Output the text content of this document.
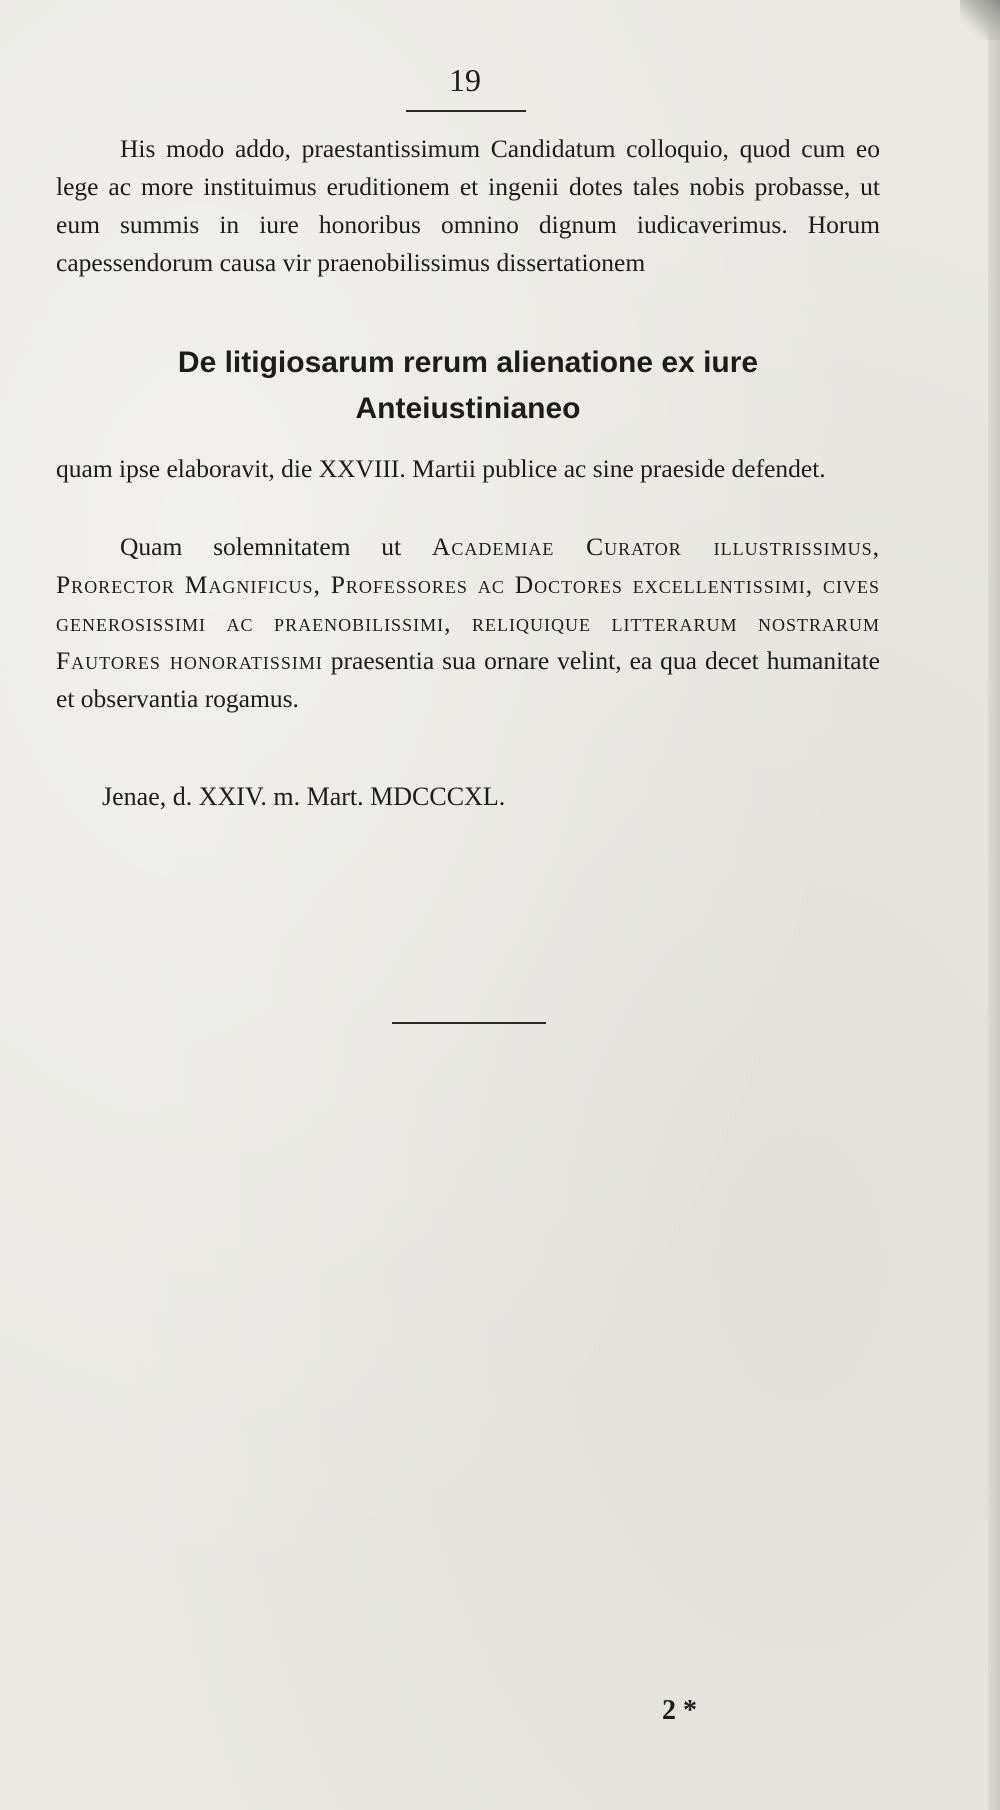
19

His modo addo, praestantissimum Candidatum colloquio, quod cum eo lege ac more instituimus eruditionem et ingenii dotes tales nobis probasse, ut eum summis in iure honoribus omnino dignum iudicaverimus. Horum capessendorum causa vir praenobilissimus dissertationem

De litigiosarum rerum alienatione ex iure
Anteiustinianeo

quam ipse elaboravit, die XXVIII. Martii publice ac sine praeside defendet.

Quam solemnitatem ut Academiae Curator illustrissimus, Prorector Magnificus, Professores ac Doctores excellentissimi, cives generosissimi ac praenobilissimi, reliquique litterarum nostrarum Fautores honoratissimi praesentia sua ornare velint, ea qua decet humanitate et observantia rogamus.

Jenae, d. XXIV. m. Mart. MDCCCXL.

2 *
